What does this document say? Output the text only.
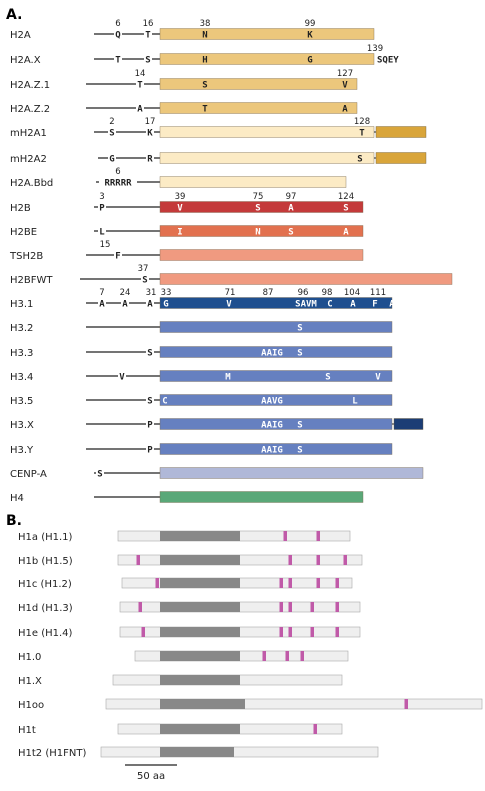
A.
H2A	Q	T	N	K
6	16	38	99
H2A.X	T	S	H	G
139
SQEY
H2A.Z.1	T	S	V
14	127
H2A.Z.2	A	T	A
mH2A1	S	K	T
2	17	128
mH2A2	G	R	S
H2A.Bbd	RRRRR
6
H2B	P	V	S	A	S
3	39	75	97	124
H2BE	L	I	N	S	A
TSH2B	F
15
H2BFWT	S
37
H3.1	A A A G	V	SAVM C A F A
7 24 31 33	71	87	96 98 104 111
H3.2	S
H3.3	S	AAIG S
H3.4	V	M	S	V
H3.5	S C	AAVG	L
H3.X	P	AAIG S
H3.Y	P	AAIG S
CENP-A	S
H4
B.
H1a (H1.1)
H1b (H1.5)
H1c (H1.2)
H1d (H1.3)
H1e (H1.4)
H1.0
H1.X
H1oo
H1t
H1t2 (H1FNT)
50 aa
